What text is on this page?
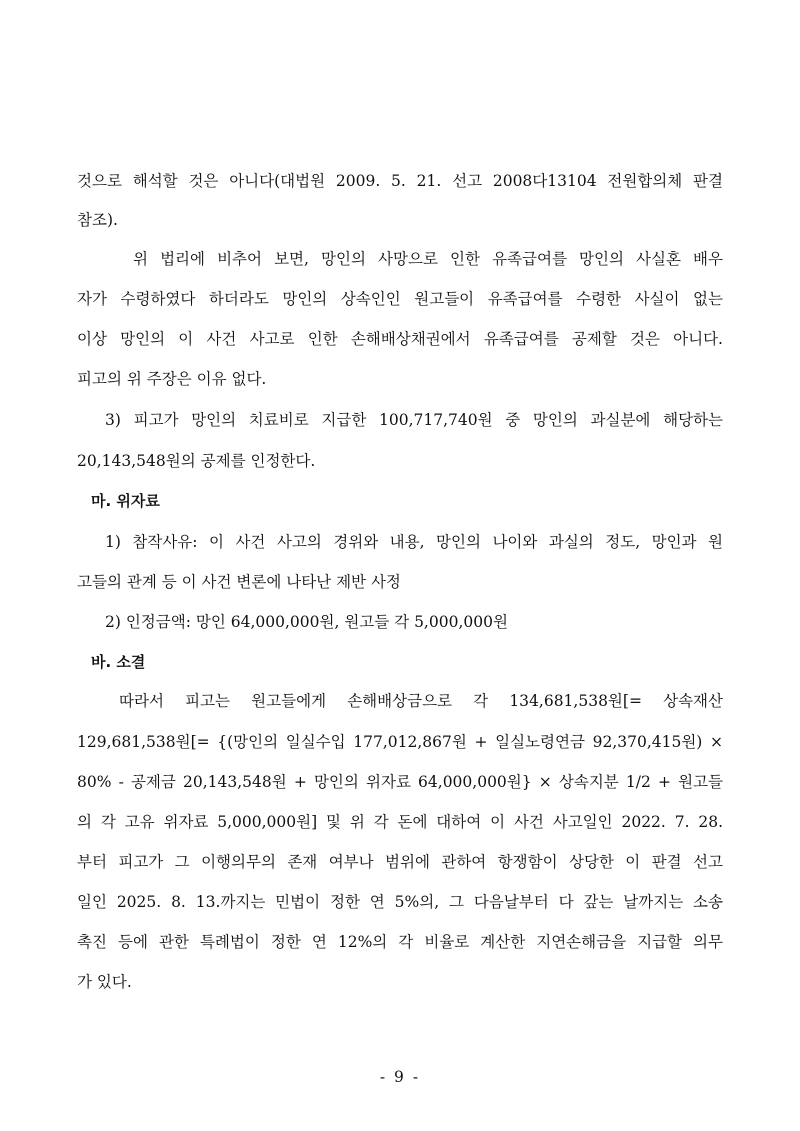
것으로 해석할 것은 아니다(대법원 2009. 5. 21. 선고 2008다13104 전원합의체 판결
참조).
위 법리에 비추어 보면, 망인의 사망으로 인한 유족급여를 망인의 사실혼 배우
자가 수령하였다 하더라도 망인의 상속인인 원고들이 유족급여를 수령한 사실이 없는
이상 망인의 이 사건 사고로 인한 손해배상채권에서 유족급여를 공제할 것은 아니다.
피고의 위 주장은 이유 없다.
3) 피고가 망인의 치료비로 지급한 100,717,740원 중 망인의 과실분에 해당하는
20,143,548원의 공제를 인정한다.
마. 위자료
1) 참작사유: 이 사건 사고의 경위와 내용, 망인의 나이와 과실의 정도, 망인과 원
고들의 관계 등 이 사건 변론에 나타난 제반 사정
2) 인정금액: 망인 64,000,000원, 원고들 각 5,000,000원
바. 소결
따라서 피고는 원고들에게 손해배상금으로 각 134,681,538원[= 상속재산
129,681,538원[= {(망인의 일실수입 177,012,867원 + 일실노령연금 92,370,415원) ×
80% - 공제금 20,143,548원 + 망인의 위자료 64,000,000원} × 상속지분 1/2 + 원고들
의 각 고유 위자료 5,000,000원] 및 위 각 돈에 대하여 이 사건 사고일인 2022. 7. 28.
부터 피고가 그 이행의무의 존재 여부나 범위에 관하여 항쟁함이 상당한 이 판결 선고
일인 2025. 8. 13.까지는 민법이 정한 연 5%의, 그 다음날부터 다 갚는 날까지는 소송
촉진 등에 관한 특례법이 정한 연 12%의 각 비율로 계산한 지연손해금을 지급할 의무
가 있다.
- 9 -
